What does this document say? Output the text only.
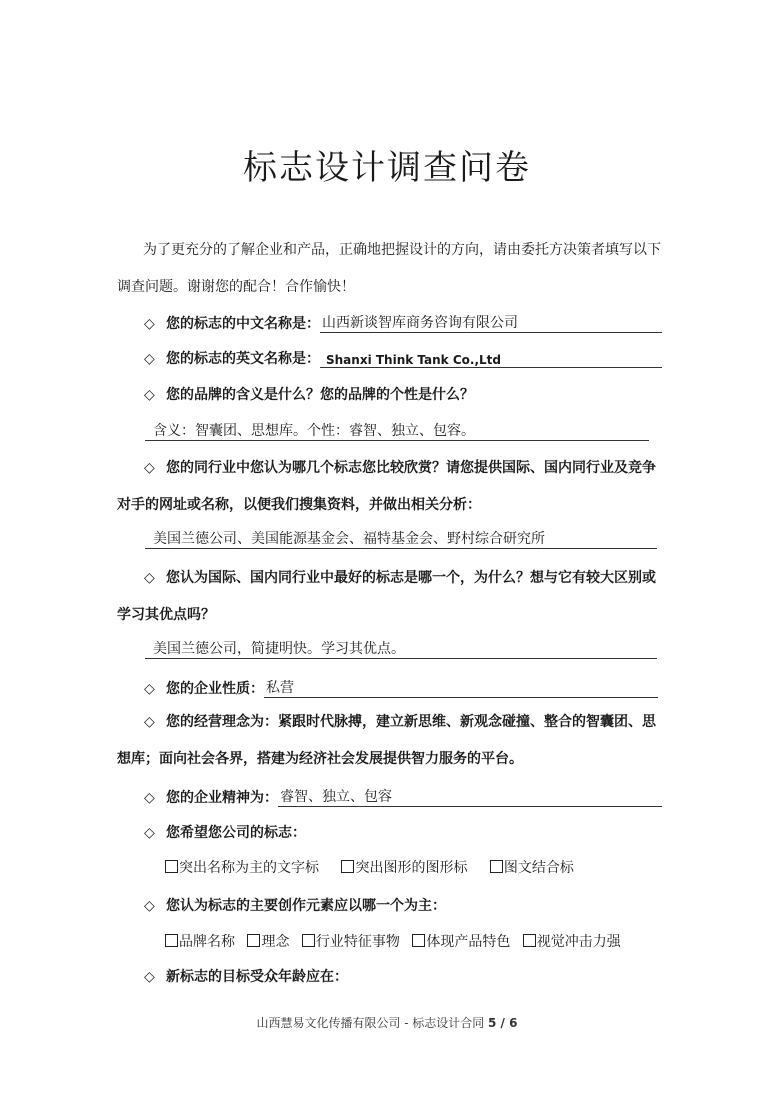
标志设计调查问卷

为了更充分的了解企业和产品，正确地把握设计的方向，请由委托方决策者填写以下调查问题。谢谢您的配合！合作愉快！

◇ 您的标志的中文名称是： 山西新谈智库商务咨询有限公司
◇ 您的标志的英文名称是： Shanxi Think Tank Co.,Ltd
◇ 您的品牌的含义是什么？您的品牌的个性是什么？
含义：智囊团、思想库。个性：睿智、独立、包容。

◇ 您的同行业中您认为哪几个标志您比较欣赏？请您提供国际、国内同行业及竞争对手的网址或名称，以便我们搜集资料，并做出相关分析：

美国兰德公司、美国能源基金会、福特基金会、野村综合研究所

◇ 您认为国际、国内同行业中最好的标志是哪一个，为什么？想与它有较大区别或学习其优点吗？

美国兰德公司，简捷明快。学习其优点。
◇ 您的企业性质： 私营

◇ 您的经营理念为：紧跟时代脉搏，建立新思维、新观念碰撞、整合的智囊团、思想库；面向社会各界，搭建为经济社会发展提供智力服务的平台。

◇ 您的企业精神为： 睿智、独立、包容
◇ 您希望您公司的标志：
突出名称为主的文字标	突出图形的图形标	图文结合标
◇ 您认为标志的主要创作元素应以哪一个为主：
品牌名称 理念 行业特征事物 体现产品特色 视觉冲击力强
◇ 新标志的目标受众年龄应在：
山西慧易文化传播有限公司 - 标志设计合同 5 / 6
